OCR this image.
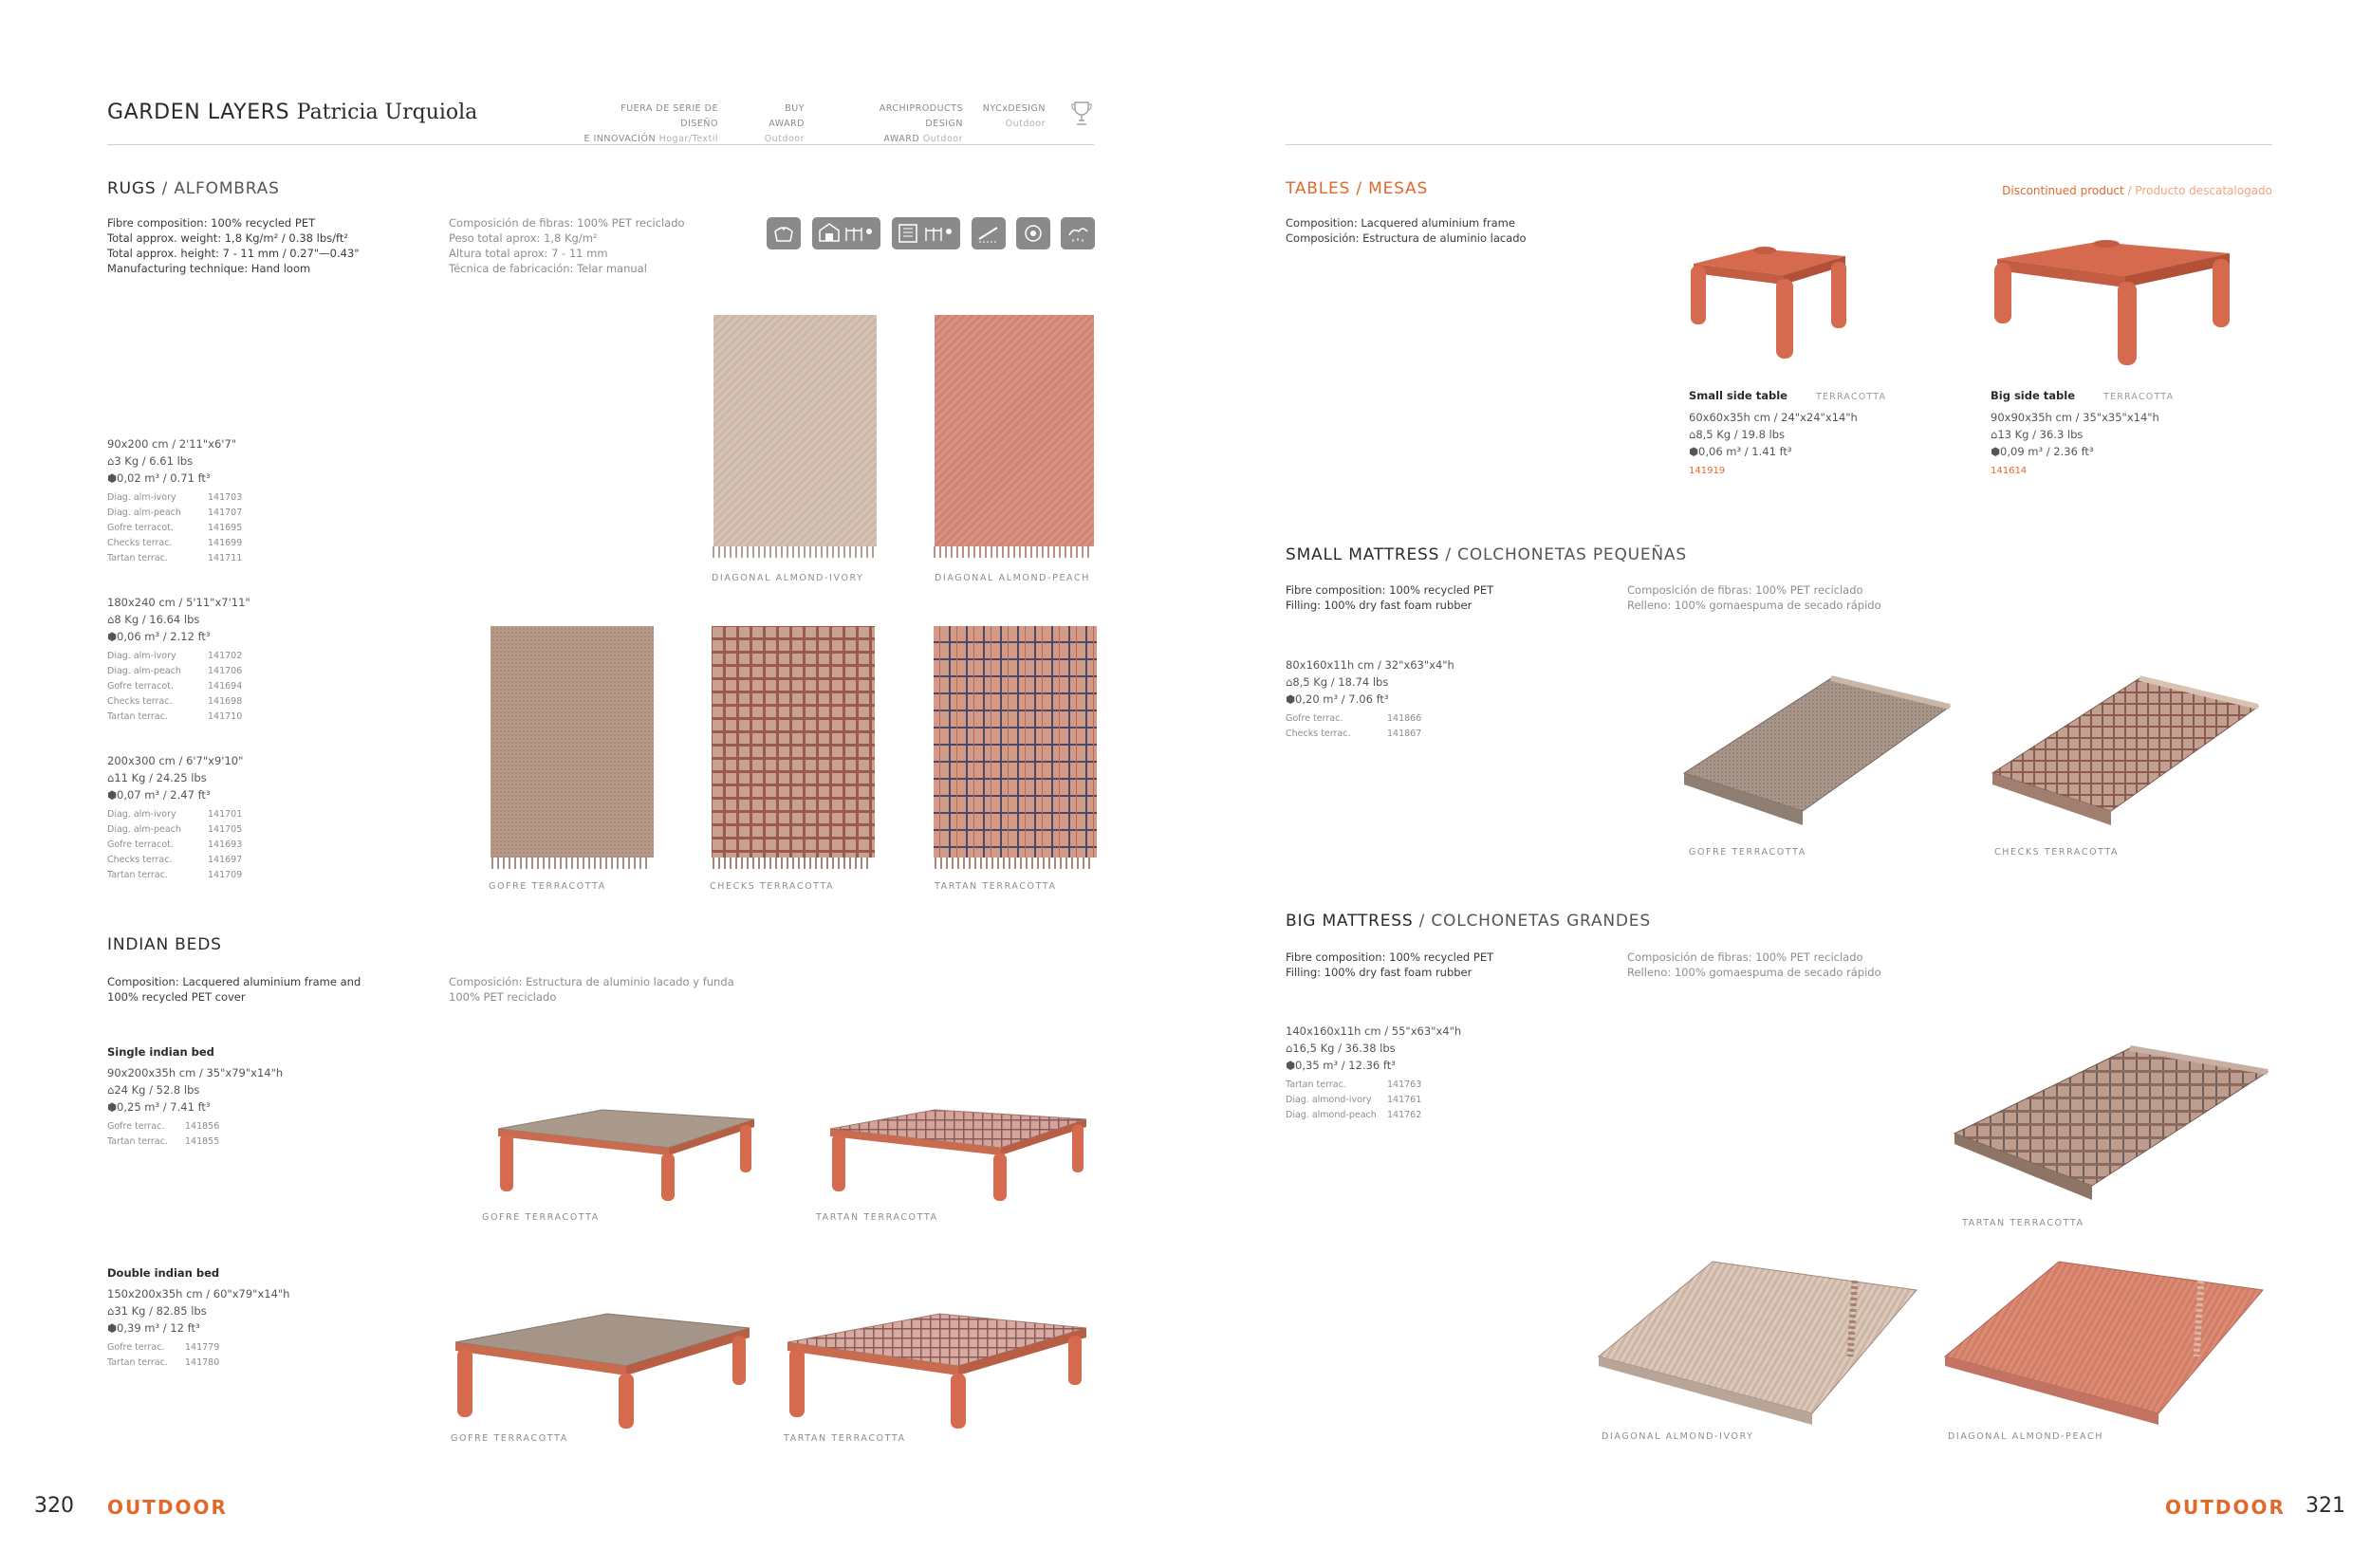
GARDEN LAYERS Patricia Urquiola	FUERA DE SERIE DE DISEÑO
E INNOVACIÓN Hogar/Textil
BUY AWARD
Outdoor
ARCHIPRODUCTS DESIGN
AWARD Outdoor
NYCxDESIGN
Outdoor
RUGS / ALFOMBRAS
Fibre composition: 100% recycled PET
Total approx. weight: 1,8 Kg/m² / 0.38 lbs/ft²
Total approx. height: 7 - 11 mm / 0.27"—0.43"
Manufacturing technique: Hand loom
Composición de fibras: 100% PET reciclado
Peso total aprox: 1,8 Kg/m²
Altura total aprox: 7 - 11 mm
Técnica de fabricación: Telar manual
90x200 cm / 2'11"x6'7"
⌂3 Kg / 6.61 lbs
⬢0,02 m³ / 0.71 ft³
Diag. alm-ivory	141703
Diag. alm-peach	141707
Gofre terracot.	141695
Checks terrac.	141699
Tartan terrac.	141711
180x240 cm / 5'11"x7'11"
⌂8 Kg / 16.64 lbs
⬢0,06 m³ / 2.12 ft³
Diag. alm-ivory	141702
Diag. alm-peach	141706
Gofre terracot.	141694
Checks terrac.	141698
Tartan terrac.	141710
200x300 cm / 6'7"x9'10"
⌂11 Kg / 24.25 lbs
⬢0,07 m³ / 2.47 ft³
Diag. alm-ivory	141701
Diag. alm-peach	141705
Gofre terracot.	141693
Checks terrac.	141697
Tartan terrac.	141709
DIAGONAL ALMOND-IVORY	DIAGONAL ALMOND-PEACH
GOFRE TERRACOTTA	CHECKS TERRACOTTA	TARTAN TERRACOTTA
INDIAN BEDS
Composition: Lacquered aluminium frame and
100% recycled PET cover
Composición: Estructura de aluminio lacado y funda
100% PET reciclado
Single indian bed
90x200x35h cm / 35"x79"x14"h
⌂24 Kg / 52.8 lbs
⬢0,25 m³ / 7.41 ft³
Gofre terrac. 141856
Tartan terrac. 141855
Double indian bed
150x200x35h cm / 60"x79"x14"h
⌂31 Kg / 82.85 lbs
⬢0,39 m³ / 12 ft³
Gofre terrac. 141779
Tartan terrac. 141780
GOFRE TERRACOTTA	TARTAN TERRACOTTA
GOFRE TERRACOTTA	TARTAN TERRACOTTA
320 OUTDOOR
TABLES / MESAS	Discontinued product / Producto descatalogado
Composition: Lacquered aluminium frame
Composición: Estructura de aluminio lacado
Small side table	TERRACOTTA
60x60x35h cm / 24"x24"x14"h
⌂8,5 Kg / 19.8 lbs
⬢0,06 m³ / 1.41 ft³
141919
Big side table	TERRACOTTA
90x90x35h cm / 35"x35"x14"h
⌂13 Kg / 36.3 lbs
⬢0,09 m³ / 2.36 ft³
141614
SMALL MATTRESS / COLCHONETAS PEQUEÑAS
Fibre composition: 100% recycled PET
Filling: 100% dry fast foam rubber
Composición de fibras: 100% PET reciclado
Relleno: 100% gomaespuma de secado rápido
80x160x11h cm / 32"x63"x4"h
⌂8,5 Kg / 18.74 lbs
⬢0,20 m³ / 7.06 ft³
Gofre terrac.	141866
Checks terrac.	141867
GOFRE TERRACOTTA	CHECKS TERRACOTTA
BIG MATTRESS / COLCHONETAS GRANDES
Fibre composition: 100% recycled PET
Filling: 100% dry fast foam rubber
Composición de fibras: 100% PET reciclado
Relleno: 100% gomaespuma de secado rápido
140x160x11h cm / 55"x63"x4"h
⌂16,5 Kg / 36.38 lbs
⬢0,35 m³ / 12.36 ft³
Tartan terrac.	141763
Diag. almond-ivory 141761
Diag. almond-peach 141762
TARTAN TERRACOTTA
DIAGONAL ALMOND-IVORY	DIAGONAL ALMOND-PEACH
OUTDOOR 321
